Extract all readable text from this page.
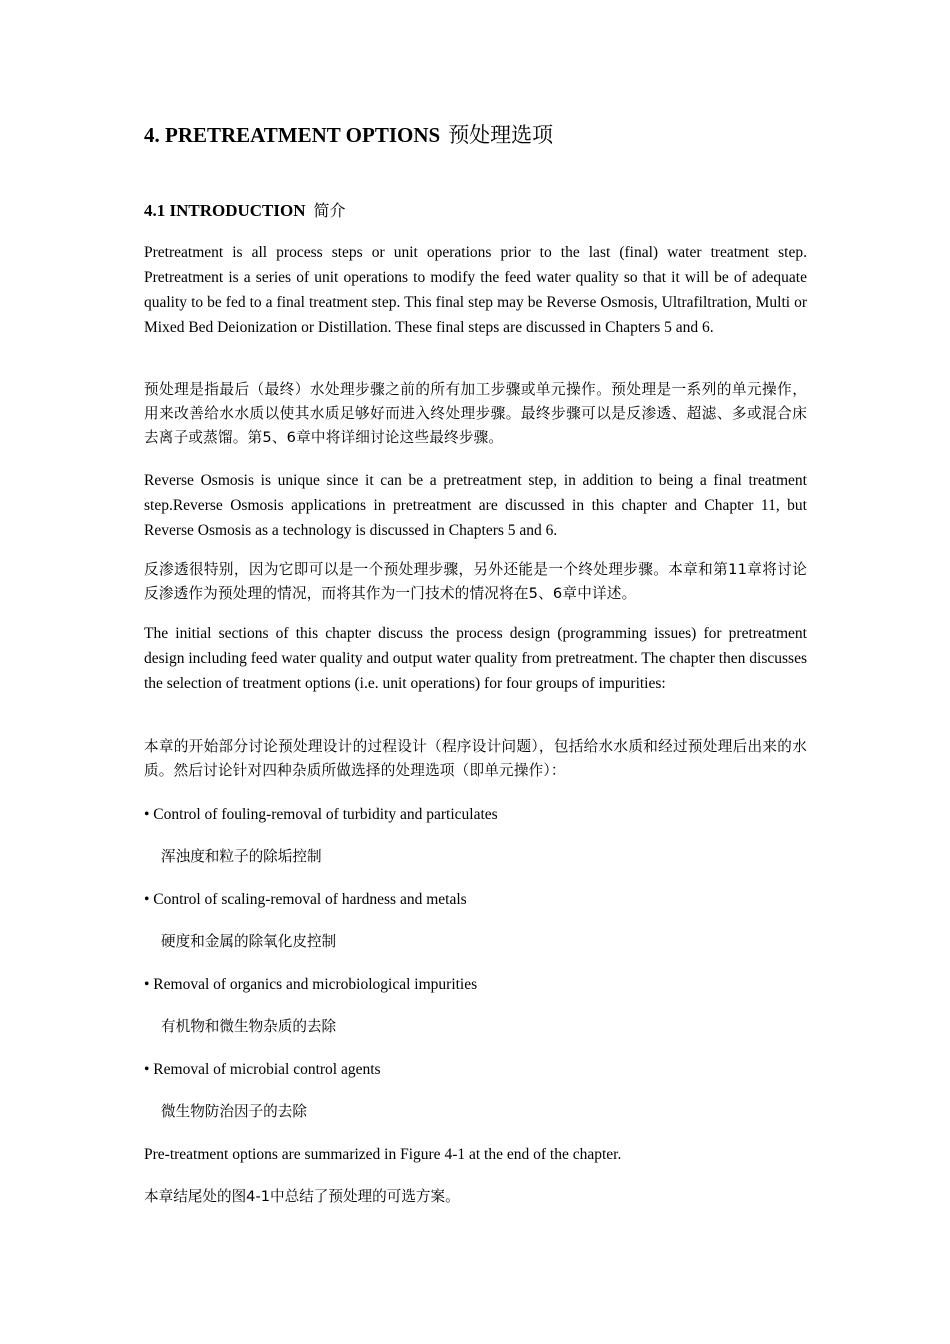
4. PRETREATMENT OPTIONS 预处理选项
4.1 INTRODUCTION 简介

Pretreatment is all process steps or unit operations prior to the last (final) water treatment step. Pretreatment is a series of unit operations to modify the feed water quality so that it will be of adequate quality to be fed to a final treatment step. This final step may be Reverse Osmosis, Ultrafiltration, Multi or Mixed Bed Deionization or Distillation. These final steps are discussed in Chapters 5 and 6.

预处理是指最后（最终）水处理步骤之前的所有加工步骤或单元操作。预处理是一系列的单元操作，用来改善给水水质以使其水质足够好而进入终处理步骤。最终步骤可以是反渗透、超滤、多或混合床去离子或蒸馏。第5、6章中将详细讨论这些最终步骤。

Reverse Osmosis is unique since it can be a pretreatment step, in addition to being a final treatment step.Reverse Osmosis applications in pretreatment are discussed in this chapter and Chapter 11, but Reverse Osmosis as a technology is discussed in Chapters 5 and 6.

反渗透很特别，因为它即可以是一个预处理步骤，另外还能是一个终处理步骤。本章和第11章将讨论反渗透作为预处理的情况，而将其作为一门技术的情况将在5、6章中详述。

The initial sections of this chapter discuss the process design (programming issues) for pretreatment design including feed water quality and output water quality from pretreatment. The chapter then discusses the selection of treatment options (i.e. unit operations) for four groups of impurities:

本章的开始部分讨论预处理设计的过程设计（程序设计问题），包括给水水质和经过预处理后出来的水质。然后讨论针对四种杂质所做选择的处理选项（即单元操作）：

• Control of fouling-removal of turbidity and particulates
浑浊度和粒子的除垢控制
• Control of scaling-removal of hardness and metals
硬度和金属的除氧化皮控制
• Removal of organics and microbiological impurities
有机物和微生物杂质的去除
• Removal of microbial control agents
微生物防治因子的去除
Pre-treatment options are summarized in Figure 4-1 at the end of the chapter.
本章结尾处的图4-1中总结了预处理的可选方案。
